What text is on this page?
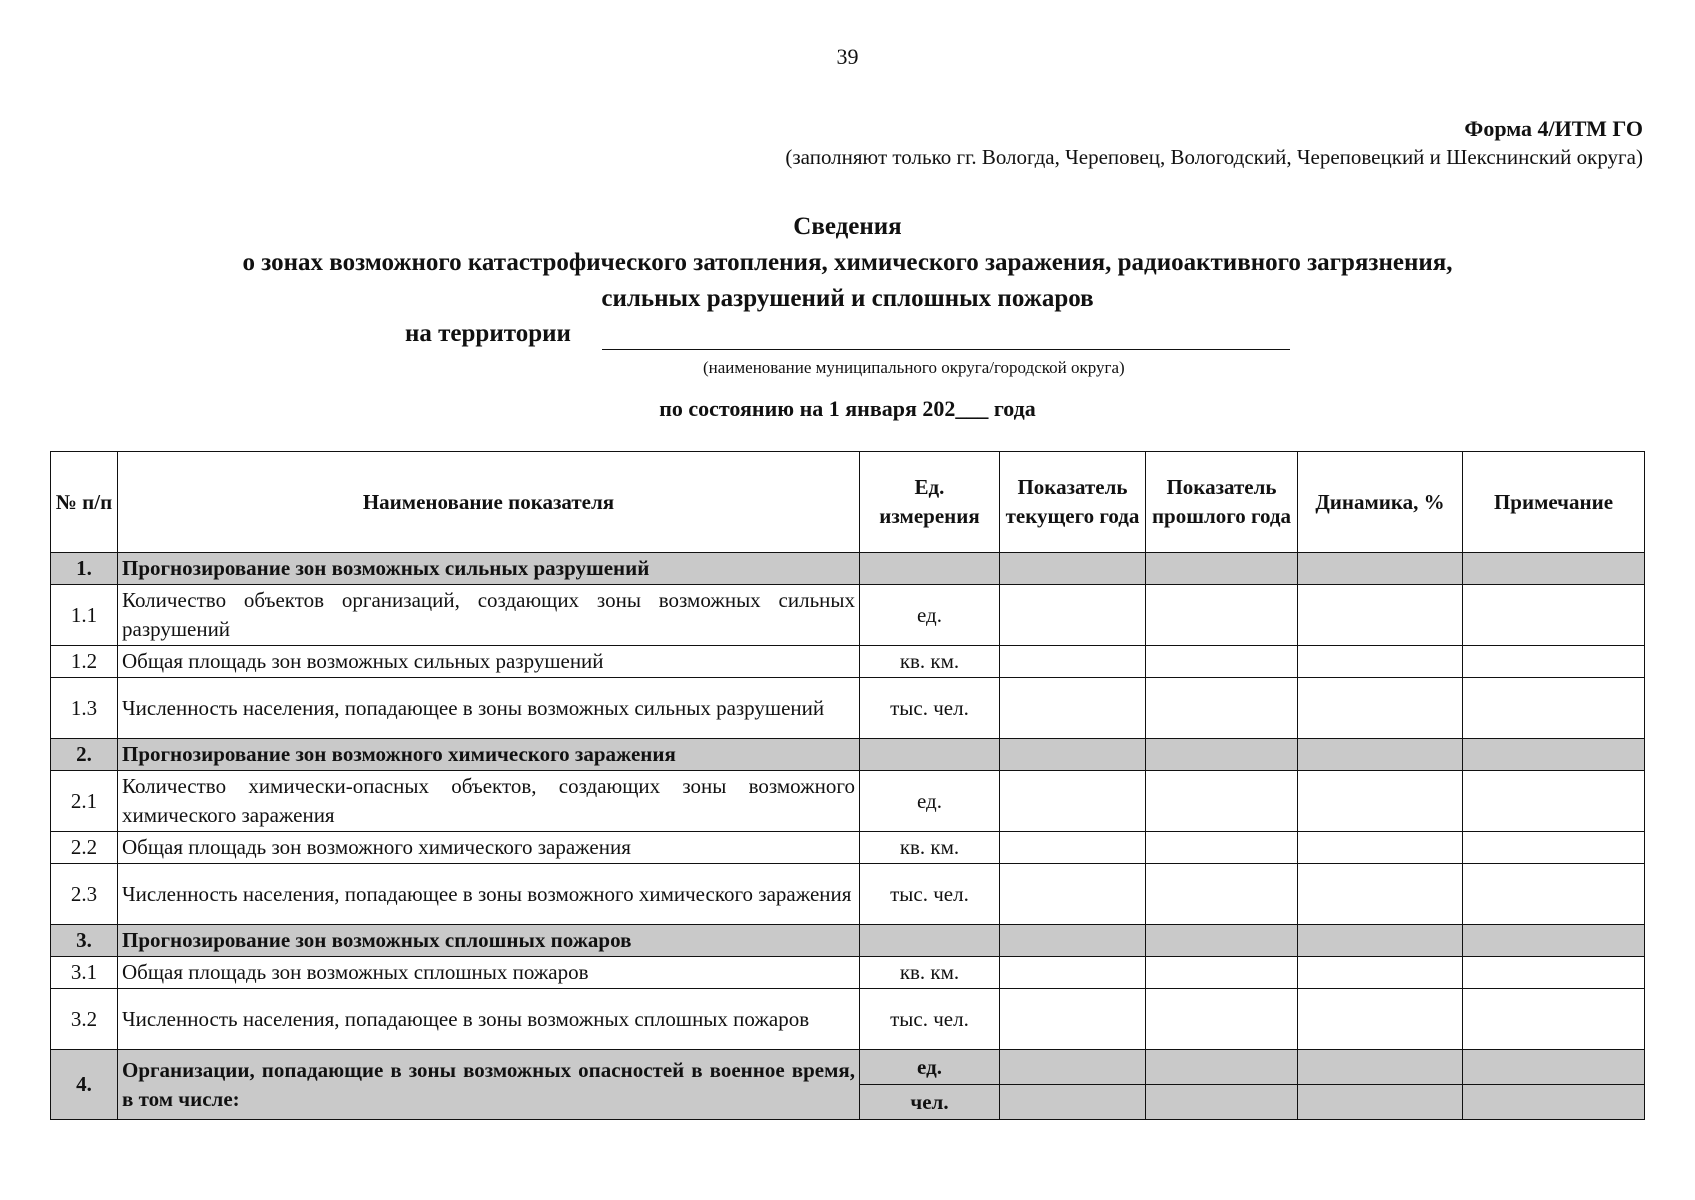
39
Форма 4/ИТМ ГО
(заполняют только гг. Вологда, Череповец, Вологодский, Череповецкий и Шекснинский округа)
Сведения
о зонах возможного катастрофического затопления, химического заражения, радиоактивного загрязнения,
сильных разрушений и сплошных пожаров
на территории
(наименование муниципального округа/городской округа)
по состоянию на 1 января 202___ года
№ п/п	Наименование показателя	Ед. измерения	Показатель текущего года	Показатель прошлого года	Динамика, %	Примечание
1.	Прогнозирование зон возможных сильных разрушений					
1.1	Количество объектов организаций, создающих зоны возможных сильных разрушений	ед.				
1.2	Общая площадь зон возможных сильных разрушений	кв. км.				
1.3	Численность населения, попадающее в зоны возможных сильных разрушений	тыс. чел.				
2.	Прогнозирование зон возможного химического заражения					
2.1	Количество химически-опасных объектов, создающих зоны возможного химического заражения	ед.				
2.2	Общая площадь зон возможного химического заражения	кв. км.				
2.3	Численность населения, попадающее в зоны возможного химического заражения	тыс. чел.				
3.	Прогнозирование зон возможных сплошных пожаров					
3.1	Общая площадь зон возможных сплошных пожаров	кв. км.				
3.2	Численность населения, попадающее в зоны возможных сплошных пожаров	тыс. чел.				
4.	Организации, попадающие в зоны возможных опасностей в военное время, в том числе:	ед.				
		чел.				
